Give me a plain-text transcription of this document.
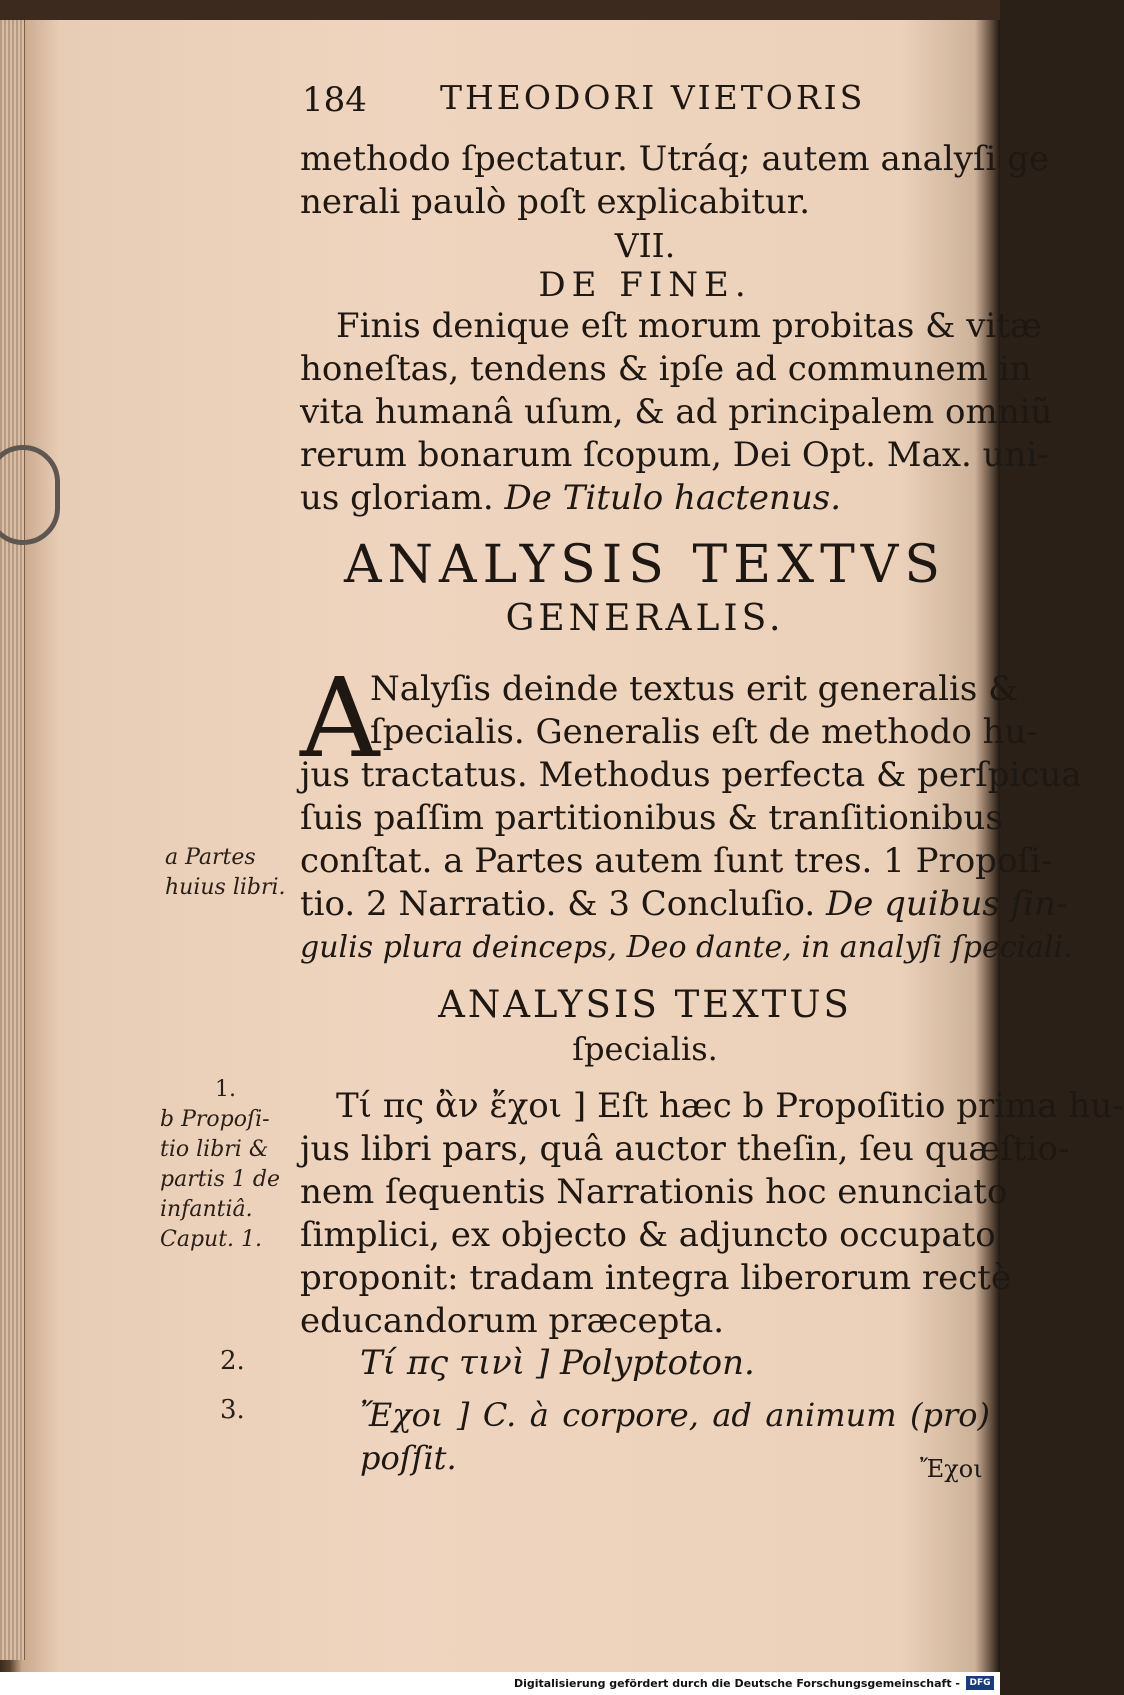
184 THEODORI VIETORIS
methodo ſpectatur. Utráq; autem analyſi ge
nerali paulò poſt explicabitur.
VII.
DE FINE.
Finis denique eſt morum probitas & vitæ
honeſtas, tendens & ipſe ad communem in
vita humanâ uſum, & ad principalem omniũ
rerum bonarum ſcopum, Dei Opt. Max. uni-
us gloriam. De Titulo hactenus.
ANALYSIS TEXTVS
GENERALIS.
A
Nalyſis deinde textus erit generalis &
ſpecialis. Generalis eſt de methodo hu-
jus tractatus. Methodus perfecta & perſpicua
ſuis paſſim partitionibus & tranſitionibus
conſtat. a Partes autem ſunt tres. 1 Propoſi-
tio. 2 Narratio. & 3 Concluſio. De quibus ſin-
gulis plura deinceps, Deo dante, in analyſi ſpeciali.
ANALYSIS TEXTUS
ſpecialis.
Τί πς ἂν ἔχοι ] Eſt hæc b Propoſitio prima hu-
jus libri pars, quâ auctor theſin, ſeu quæſtio-
nem ſequentis Narrationis hoc enunciato
ſimplici, ex objecto & adjuncto occupato
proponit: tradam integra liberorum rectè
educandorum præcepta.
Τί πς τινὶ ] Polyptoton.
Ἔχοι ] C. à corpore, ad animum (pro) poſſit.	Ἔχοι
a Partes
huius libri.
1.
b Propoſi-
tio libri &
partis 1 de
infantiâ.
Caput. 1.
2.
3.
Digitalisierung gefördert durch die Deutsche Forschungsgemeinschaft -	DFG
